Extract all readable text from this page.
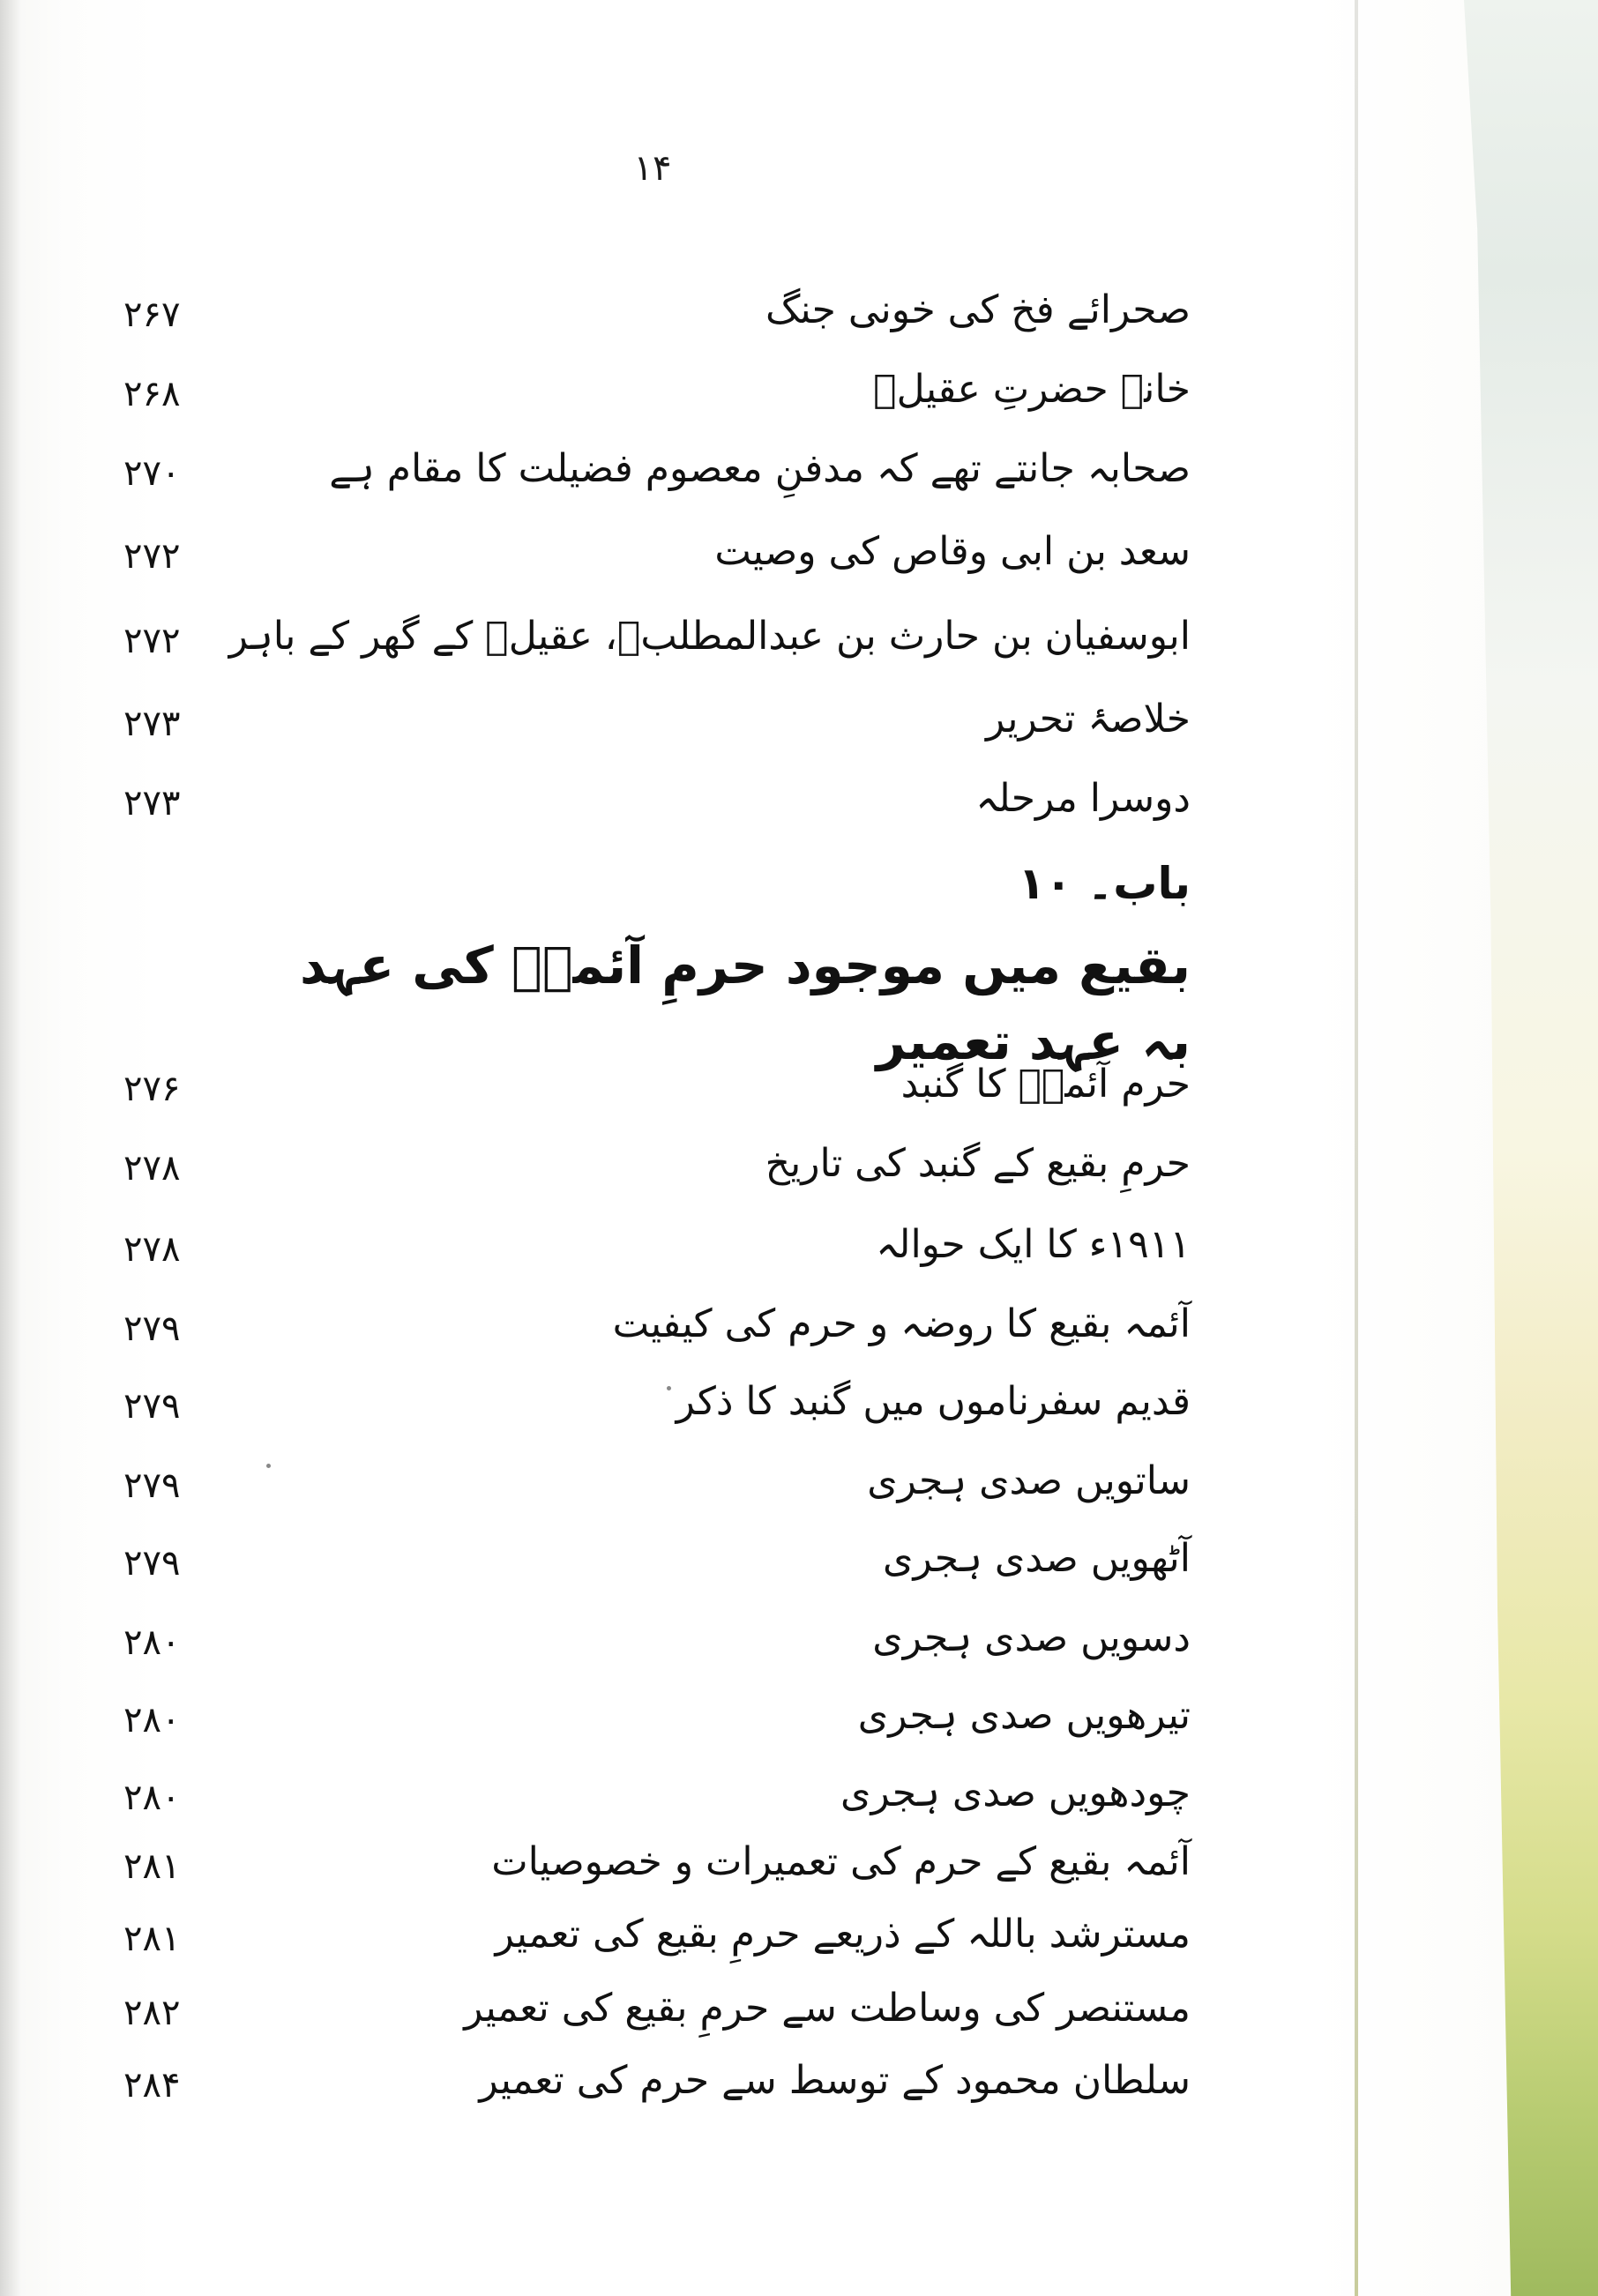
۱۴
صحرائے فخ کی خونی جنگ
۲۶۷
خانۂ حضرتِ عقیلؑ
۲۶۸
صحابہ جانتے تھے کہ مدفنِ معصوم فضیلت کا مقام ہے
۲۷۰
سعد بن ابی وقاص کی وصیت
۲۷۲
ابوسفیان بن حارث بن عبدالمطلبؑ، عقیلؑ کے گھر کے باہر
۲۷۲
خلاصۂ تحریر
۲۷۳
دوسرا مرحلہ
۲۷۳
باب۔ ۱۰
بقیع میں موجود حرمِ آئمہؑ کی عہد بہ عہد تعمیر
حرم آئمہؑ کا گنبد
۲۷۶
حرمِ بقیع کے گنبد کی تاریخ
۲۷۸
۱۹۱۱ء کا ایک حوالہ
۲۷۸
آئمہ بقیع کا روضہ و حرم کی کیفیت
۲۷۹
قدیم سفرناموں میں گنبد کا ذکر
۲۷۹
ساتویں صدی ہجری
۲۷۹
آٹھویں صدی ہجری
۲۷۹
دسویں صدی ہجری
۲۸۰
تیرھویں صدی ہجری
۲۸۰
چودھویں صدی ہجری
۲۸۰
آئمہ بقیع کے حرم کی تعمیرات و خصوصیات
۲۸۱
مسترشد باللہ کے ذریعے حرمِ بقیع کی تعمیر
۲۸۱
مستنصر کی وساطت سے حرمِ بقیع کی تعمیر
۲۸۲
سلطان محمود کے توسط سے حرم کی تعمیر
۲۸۴
